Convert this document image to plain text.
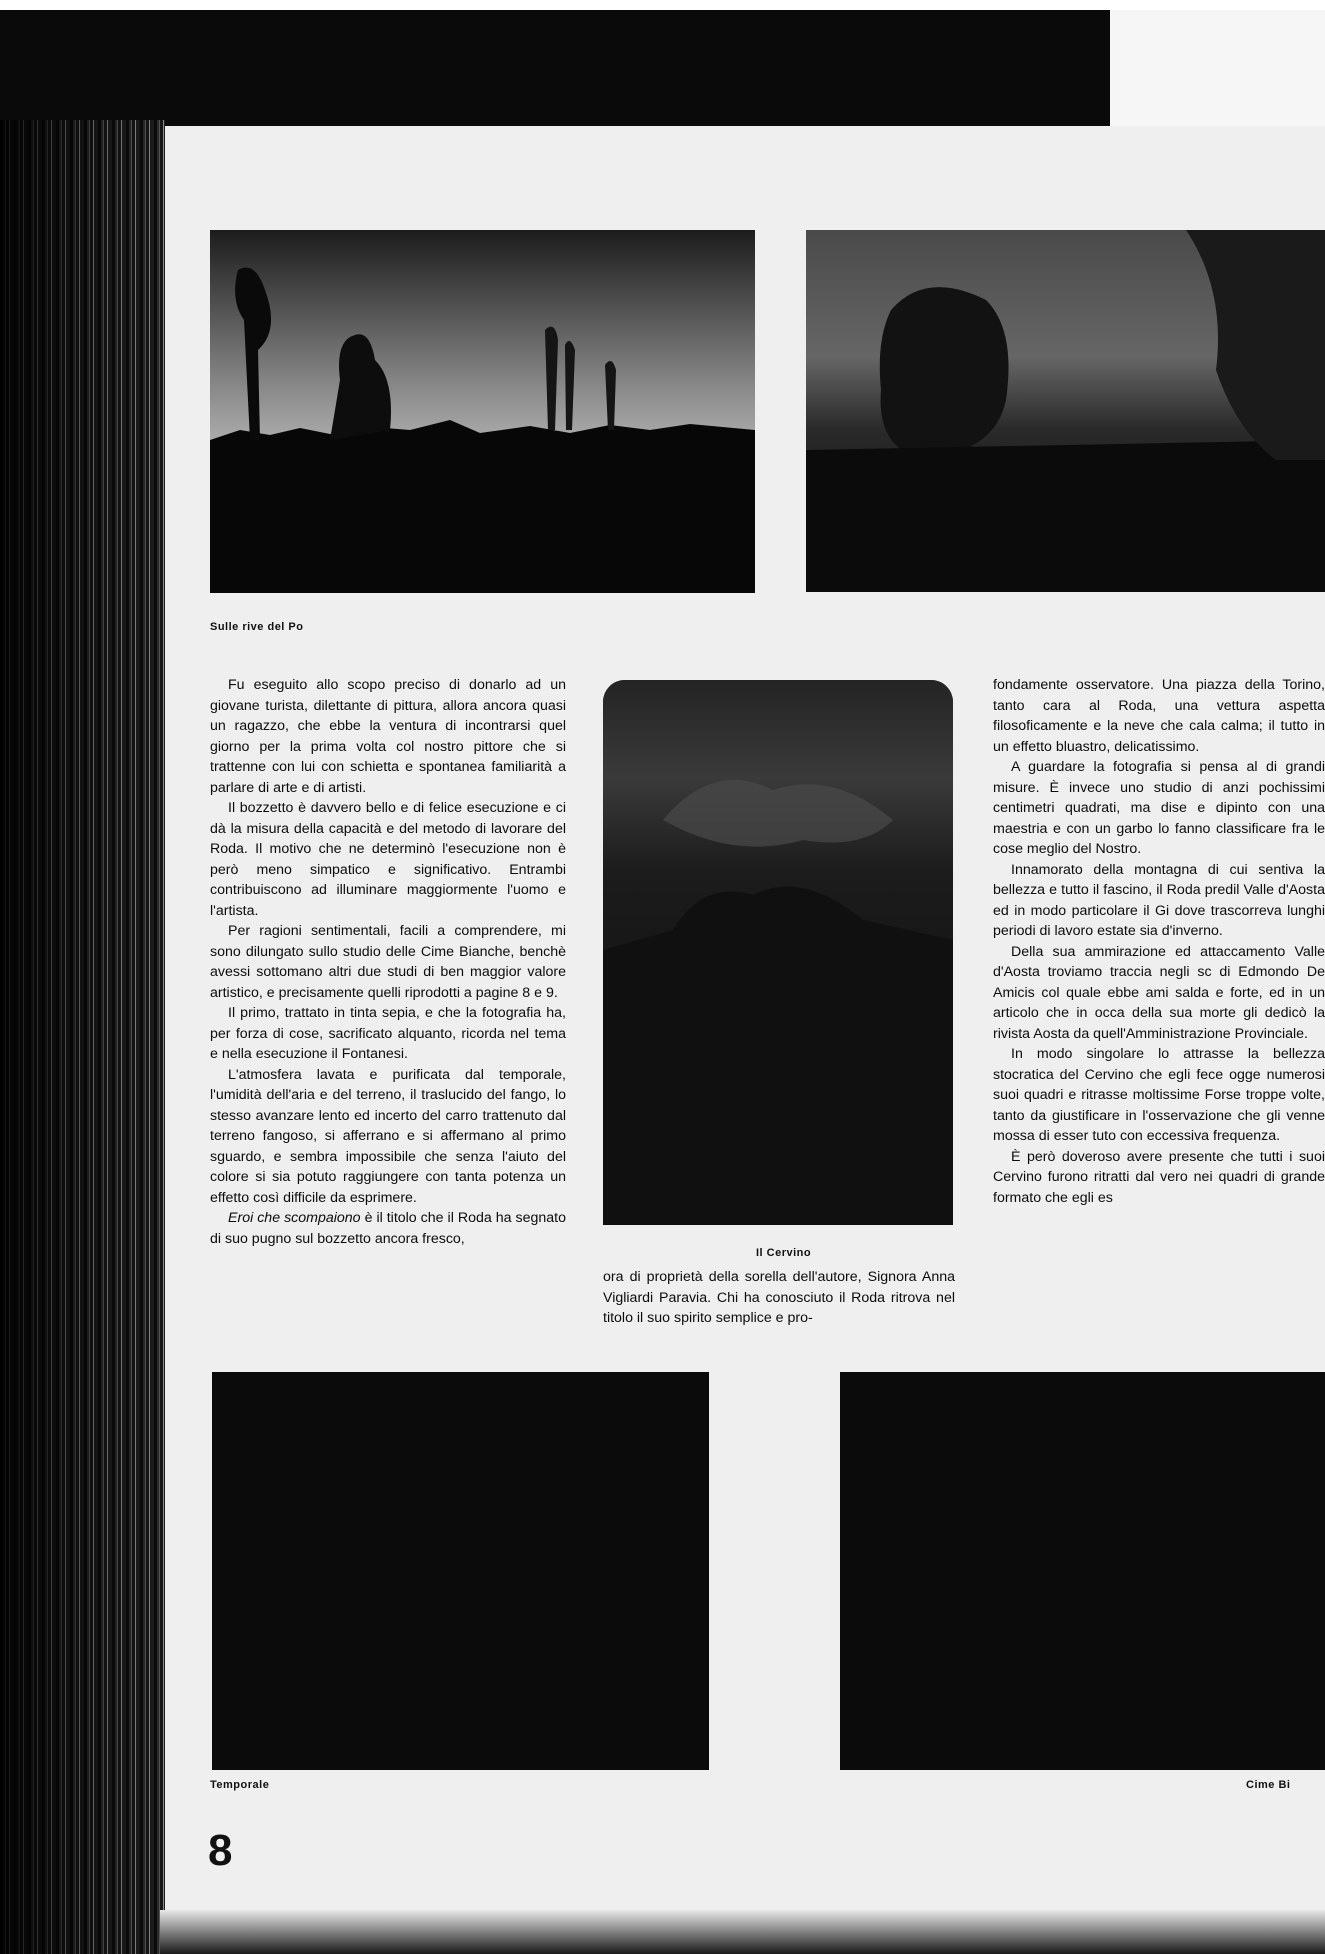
Sulle rive del Po

Fu eseguito allo scopo preciso di donarlo ad un giovane turista, dilettante di pittura, allora ancora quasi un ragazzo, che ebbe la ventura di incontrarsi quel giorno per la prima volta col nostro pittore che si trattenne con lui con schietta e spontanea familiarità a parlare di arte e di artisti.

Il bozzetto è davvero bello e di felice esecuzione e ci dà la misura della capacità e del metodo di lavorare del Roda. Il motivo che ne determinò l'esecuzione non è però meno simpatico e significativo. Entrambi contribuiscono ad illuminare maggiormente l'uomo e l'artista.

Per ragioni sentimentali, facili a comprendere, mi sono dilungato sullo studio delle Cime Bianche, benchè avessi sottomano altri due studi di ben maggior valore artistico, e precisamente quelli riprodotti a pagine 8 e 9.

Il primo, trattato in tinta sepia, e che la fotografia ha, per forza di cose, sacrificato alquanto, ricorda nel tema e nella esecuzione il Fontanesi.

L'atmosfera lavata e purificata dal temporale, l'umidità dell'aria e del terreno, il traslucido del fango, lo stesso avanzare lento ed incerto del carro trattenuto dal terreno fangoso, si afferrano e si affermano al primo sguardo, e sembra impossibile che senza l'aiuto del colore si sia potuto raggiungere con tanta potenza un effetto così difficile da esprimere.

Eroi che scompaiono è il titolo che il Roda ha segnato di suo pugno sul bozzetto ancora fresco,

Il Cervino
ora di proprietà della sorella dell'autore, Signora Anna Vigliardi Paravia. Chi ha conosciuto il Roda ritrova nel titolo il suo spirito semplice e pro-

fondamente osservatore. Una piazza della Torino, tanto cara al Roda, una vettura aspetta filosoficamente e la neve che cala calma; il tutto in un effetto bluastro, delicatissimo.

A guardare la fotografia si pensa al di grandi misure. È invece uno studio di anzi pochissimi centimetri quadrati, ma dise e dipinto con una maestria e con un garbo lo fanno classificare fra le cose meglio del Nostro.

Innamorato della montagna di cui sentiva la bellezza e tutto il fascino, il Roda predil Valle d'Aosta ed in modo particolare il Gi dove trascorreva lunghi periodi di lavoro estate sia d'inverno.

Della sua ammirazione ed attaccamento Valle d'Aosta troviamo traccia negli sc di Edmondo De Amicis col quale ebbe ami salda e forte, ed in un articolo che in occa della sua morte gli dedicò la rivista Aosta da quell'Amministrazione Provinciale.

In modo singolare lo attrasse la bellezza stocratica del Cervino che egli fece ogge numerosi suoi quadri e ritrasse moltissime Forse troppe volte, tanto da giustificare in l'osservazione che gli venne mossa di esser tuto con eccessiva frequenza.

È però doveroso avere presente che tutti i suoi Cervino furono ritratti dal vero nei quadri di grande formato che egli es

Temporale	Cime Bi
8
